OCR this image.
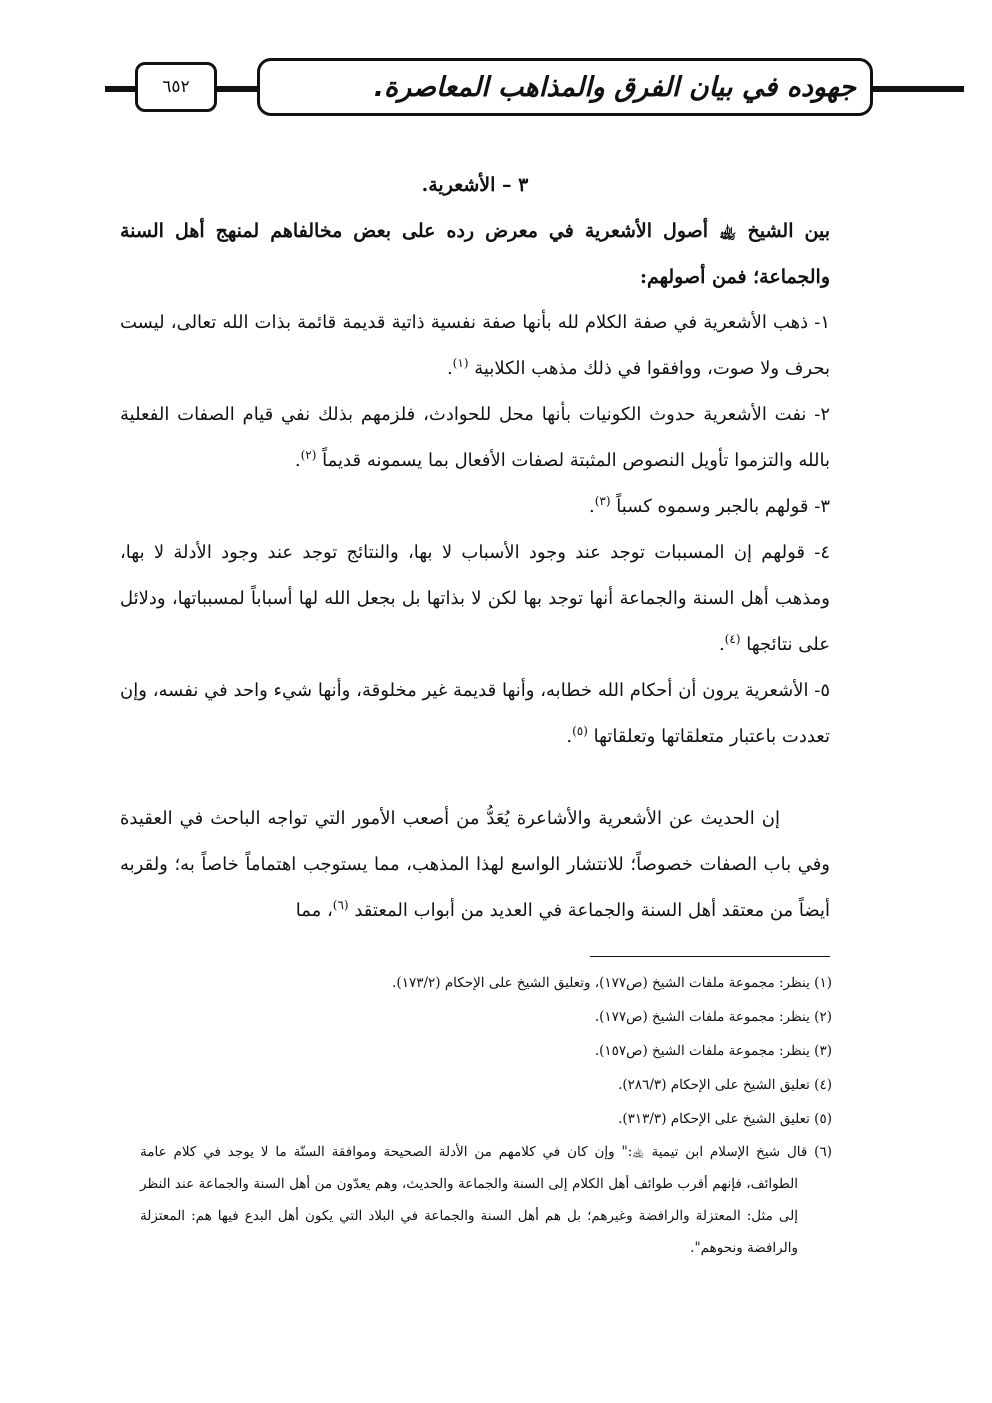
جهوده في بيان الفرق والمذاهب المعاصرة.
٦٥٢

٣ – الأشعرية.

بين الشيخ ﵀ أصول الأشعرية في معرض رده على بعض مخالفاهم لمنهج أهل السنة والجماعة؛ فمن أصولهم:

١- ذهب الأشعرية في صفة الكلام لله بأنها صفة نفسية ذاتية قديمة قائمة بذات الله تعالى، ليست بحرف ولا صوت، ووافقوا في ذلك مذهب الكلابية $^{(١)}$.

٢- نفت الأشعرية حدوث الكونيات بأنها محل للحوادث، فلزمهم بذلك نفي قيام الصفات الفعلية بالله والتزموا تأويل النصوص المثبتة لصفات الأفعال بما يسمونه قديماً $^{(٢)}$.

٣- قولهم بالجبر وسموه كسباً $^{(٣)}$.

٤- قولهم إن المسببات توجد عند وجود الأسباب لا بها، والنتائج توجد عند وجود الأدلة لا بها، ومذهب أهل السنة والجماعة أنها توجد بها لكن لا بذاتها بل بجعل الله لها أسباباً لمسبباتها، ودلائل على نتائجها $^{(٤)}$.

٥- الأشعرية يرون أن أحكام الله خطابه، وأنها قديمة غير مخلوقة، وأنها شيء واحد في نفسه، وإن تعددت باعتبار متعلقاتها وتعلقاتها $^{(٥)}$.

إن الحديث عن الأشعرية والأشاعرة يُعَدُّ من أصعب الأمور التي تواجه الباحث في العقيدة وفي باب الصفات خصوصاً؛ للانتشار الواسع لهذا المذهب، مما يستوجب اهتماماً خاصاً به؛ ولقربه أيضاً من معتقد أهل السنة والجماعة في العديد من أبواب المعتقد $^{(٦)}$، مما

(١) ينظر: مجموعة ملفات الشيخ (ص١٧٧)، وتعليق الشيخ على الإحكام (١٧٣/٢).

(٢) ينظر: مجموعة ملفات الشيخ (ص١٧٧).

(٣) ينظر: مجموعة ملفات الشيخ (ص١٥٧).

(٤) تعليق الشيخ على الإحكام (٢٨٦/٣).

(٥) تعليق الشيخ على الإحكام (٣١٣/٣).

(٦) قال شيخ الإسلام ابن تيمية ﵀:" وإن كان في كلامهم من الأدلة الصحيحة وموافقة السنّة ما لا يوجد في كلام عامة الطوائف، فإنهم أقرب طوائف أهل الكلام إلى السنة والجماعة والحديث، وهم يعدّون من أهل السنة والجماعة عند النظر إلى مثل: المعتزلة والرافضة وغيرهم؛ بل هم أهل السنة والجماعة في البلاد التي يكون أهل البدع فيها هم: المعتزلة والرافضة ونحوهم".
